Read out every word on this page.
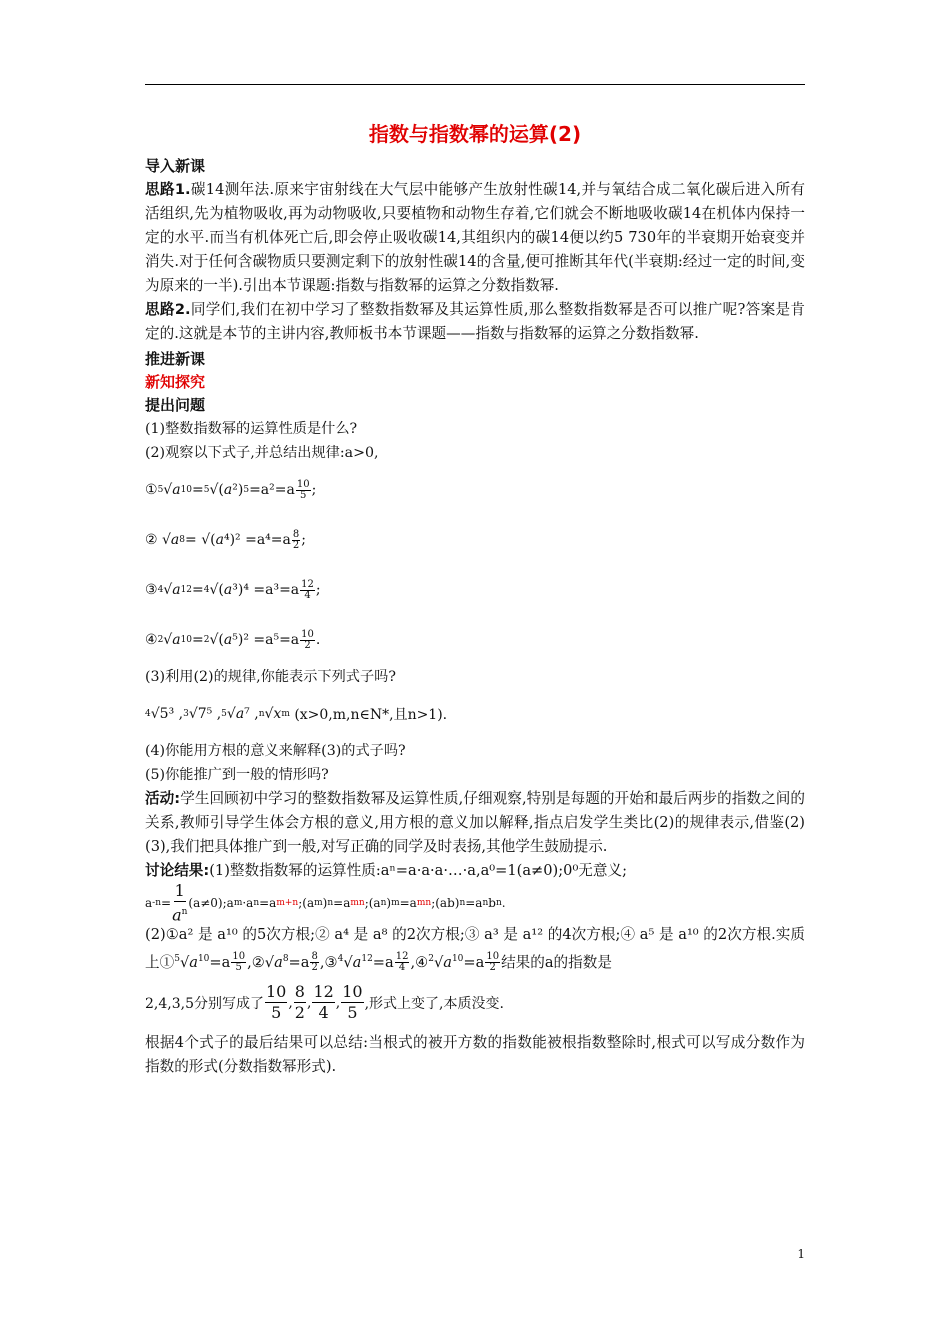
指数与指数幂的运算(2)
导入新课

思路1.碳14测年法.原来宇宙射线在大气层中能够产生放射性碳14,并与氧结合成二氧化碳后进入所有活组织,先为植物吸收,再为动物吸收,只要植物和动物生存着,它们就会不断地吸收碳14在机体内保持一定的水平.而当有机体死亡后,即会停止吸收碳14,其组织内的碳14便以约5 730年的半衰期开始衰变并消失.对于任何含碳物质只要测定剩下的放射性碳14的含量,便可推断其年代(半衰期:经过一定的时间,变为原来的一半).引出本节课题:指数与指数幂的运算之分数指数幂.

思路2.同学们,我们在初中学习了整数指数幂及其运算性质,那么整数指数幂是否可以推广呢?答案是肯定的.这就是本节的主讲内容,教师板书本节课题——指数与指数幂的运算之分数指数幂.

推进新课
新知探究
提出问题

(1)整数指数幂的运算性质是什么?

(2)观察以下式子,并总结出规律:a>0,

① 5 √ a 10 = 5 √( a ²) 5 =a²=a 10
5 ;
② √ a 8 = √( a ⁴)² =a⁴=a 8
2 ;
③ 4 √ a 12 = 4 √( a ³)⁴ =a³=a 12
4 ;
④ 2 √ a 10 = 2 √( a ⁵)² =a⁵=a 10
2 .

(3)利用(2)的规律,你能表示下列式子吗?

4 √5³ , 3 √7⁵ , 5 √ a ⁷ , n √ x m
(x>0,m,n∈N*,且n>1).

(4)你能用方根的意义来解释(3)的式子吗?

(5)你能推广到一般的情形吗?

活动:学生回顾初中学习的整数指数幂及运算性质,仔细观察,特别是每题的开始和最后两步的指数之间的关系,教师引导学生体会方根的意义,用方根的意义加以解释,指点启发学生类比(2)的规律表示,借鉴(2)(3),我们把具体推广到一般,对写正确的同学及时表扬,其他学生鼓励提示.

讨论结果:(1)整数指数幂的运算性质:aⁿ=a·a·a·…·a,a⁰=1(a≠0);0⁰无意义;

a -n =
1
$a^n$
(a≠0);a m ·a n =a m+n ;(a m ) n =a mn ;(a n ) m =a mn ;(ab) n =a n b n .

(2)①a² 是 a¹⁰ 的5次方根;② a⁴ 是 a⁸ 的2次方根;③ a³ 是 a¹² 的4次方根;④ a⁵ 是 a¹⁰ 的2次方根.实质上$①^5√a^{10}=a \frac{10}{5}$ $,②√a^8=a \frac{8}{2}$ $,③^4√a^{12}=a \frac{12}{4}$ $,④^2√a^{10}=a \frac{10}{2}$ 结果的a的指数是

2,4,3,5分别写成了
10
5
,
8
2
,
12
4
,
10
5 ,形式上变了,本质没变.

根据4个式子的最后结果可以总结:当根式的被开方数的指数能被根指数整除时,根式可以写成分数作为指数的形式(分数指数幂形式).

1
